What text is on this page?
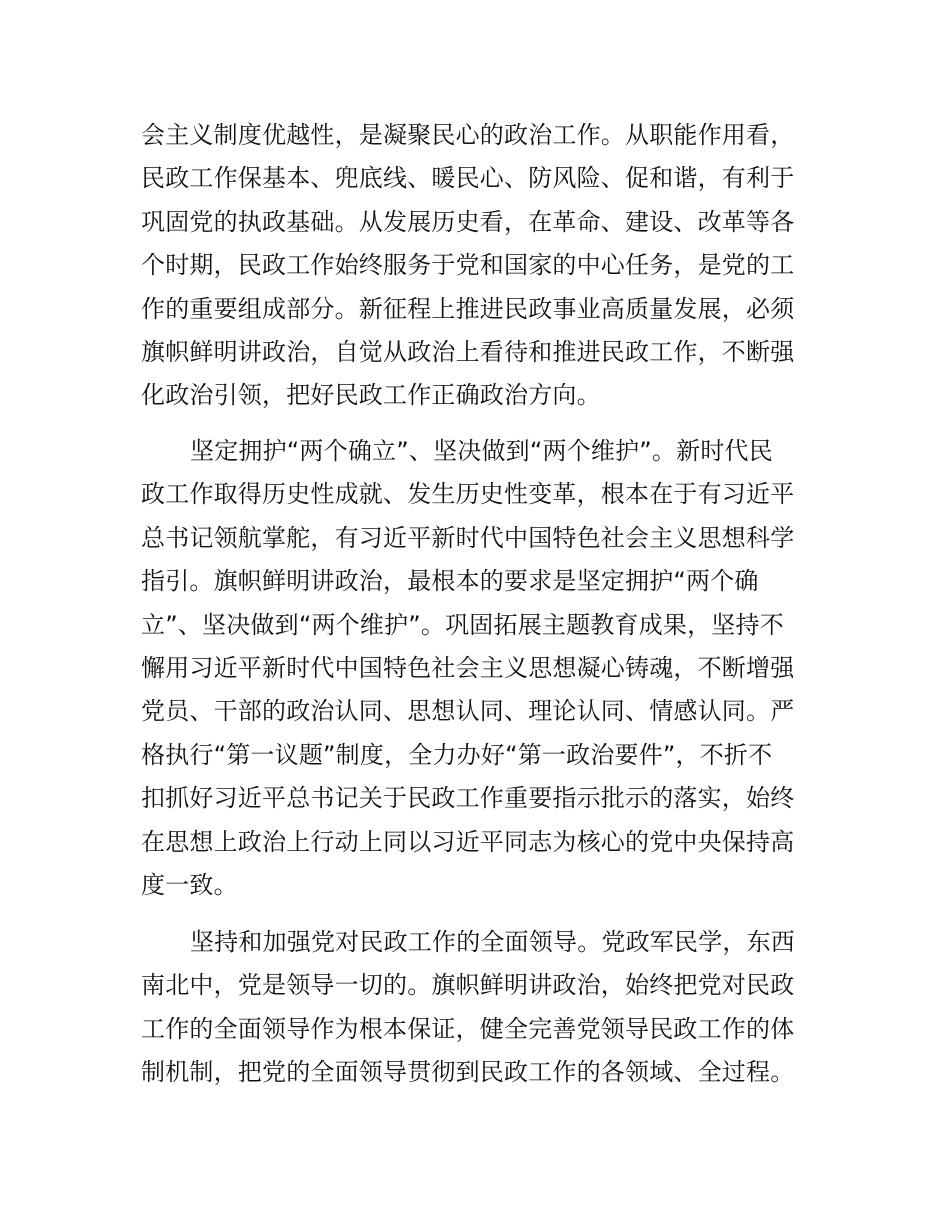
会主义制度优越性，是凝聚民心的政治工作。从职能作用看，
民政工作保基本、兜底线、暖民心、防风险、促和谐，有利于
巩固党的执政基础。从发展历史看，在革命、建设、改革等各
个时期，民政工作始终服务于党和国家的中心任务，是党的工
作的重要组成部分。新征程上推进民政事业高质量发展，必须
旗帜鲜明讲政治，自觉从政治上看待和推进民政工作，不断强
化政治引领，把好民政工作正确政治方向。
坚定拥护“两个确立”、坚决做到“两个维护”。新时代民
政工作取得历史性成就、发生历史性变革，根本在于有习近平
总书记领航掌舵，有习近平新时代中国特色社会主义思想科学
指引。旗帜鲜明讲政治，最根本的要求是坚定拥护“两个确
立”、坚决做到“两个维护”。巩固拓展主题教育成果，坚持不
懈用习近平新时代中国特色社会主义思想凝心铸魂，不断增强
党员、干部的政治认同、思想认同、理论认同、情感认同。严
格执行“第一议题”制度，全力办好“第一政治要件”，不折不
扣抓好习近平总书记关于民政工作重要指示批示的落实，始终
在思想上政治上行动上同以习近平同志为核心的党中央保持高
度一致。
坚持和加强党对民政工作的全面领导。党政军民学，东西
南北中，党是领导一切的。旗帜鲜明讲政治，始终把党对民政
工作的全面领导作为根本保证，健全完善党领导民政工作的体
制机制，把党的全面领导贯彻到民政工作的各领域、全过程。
